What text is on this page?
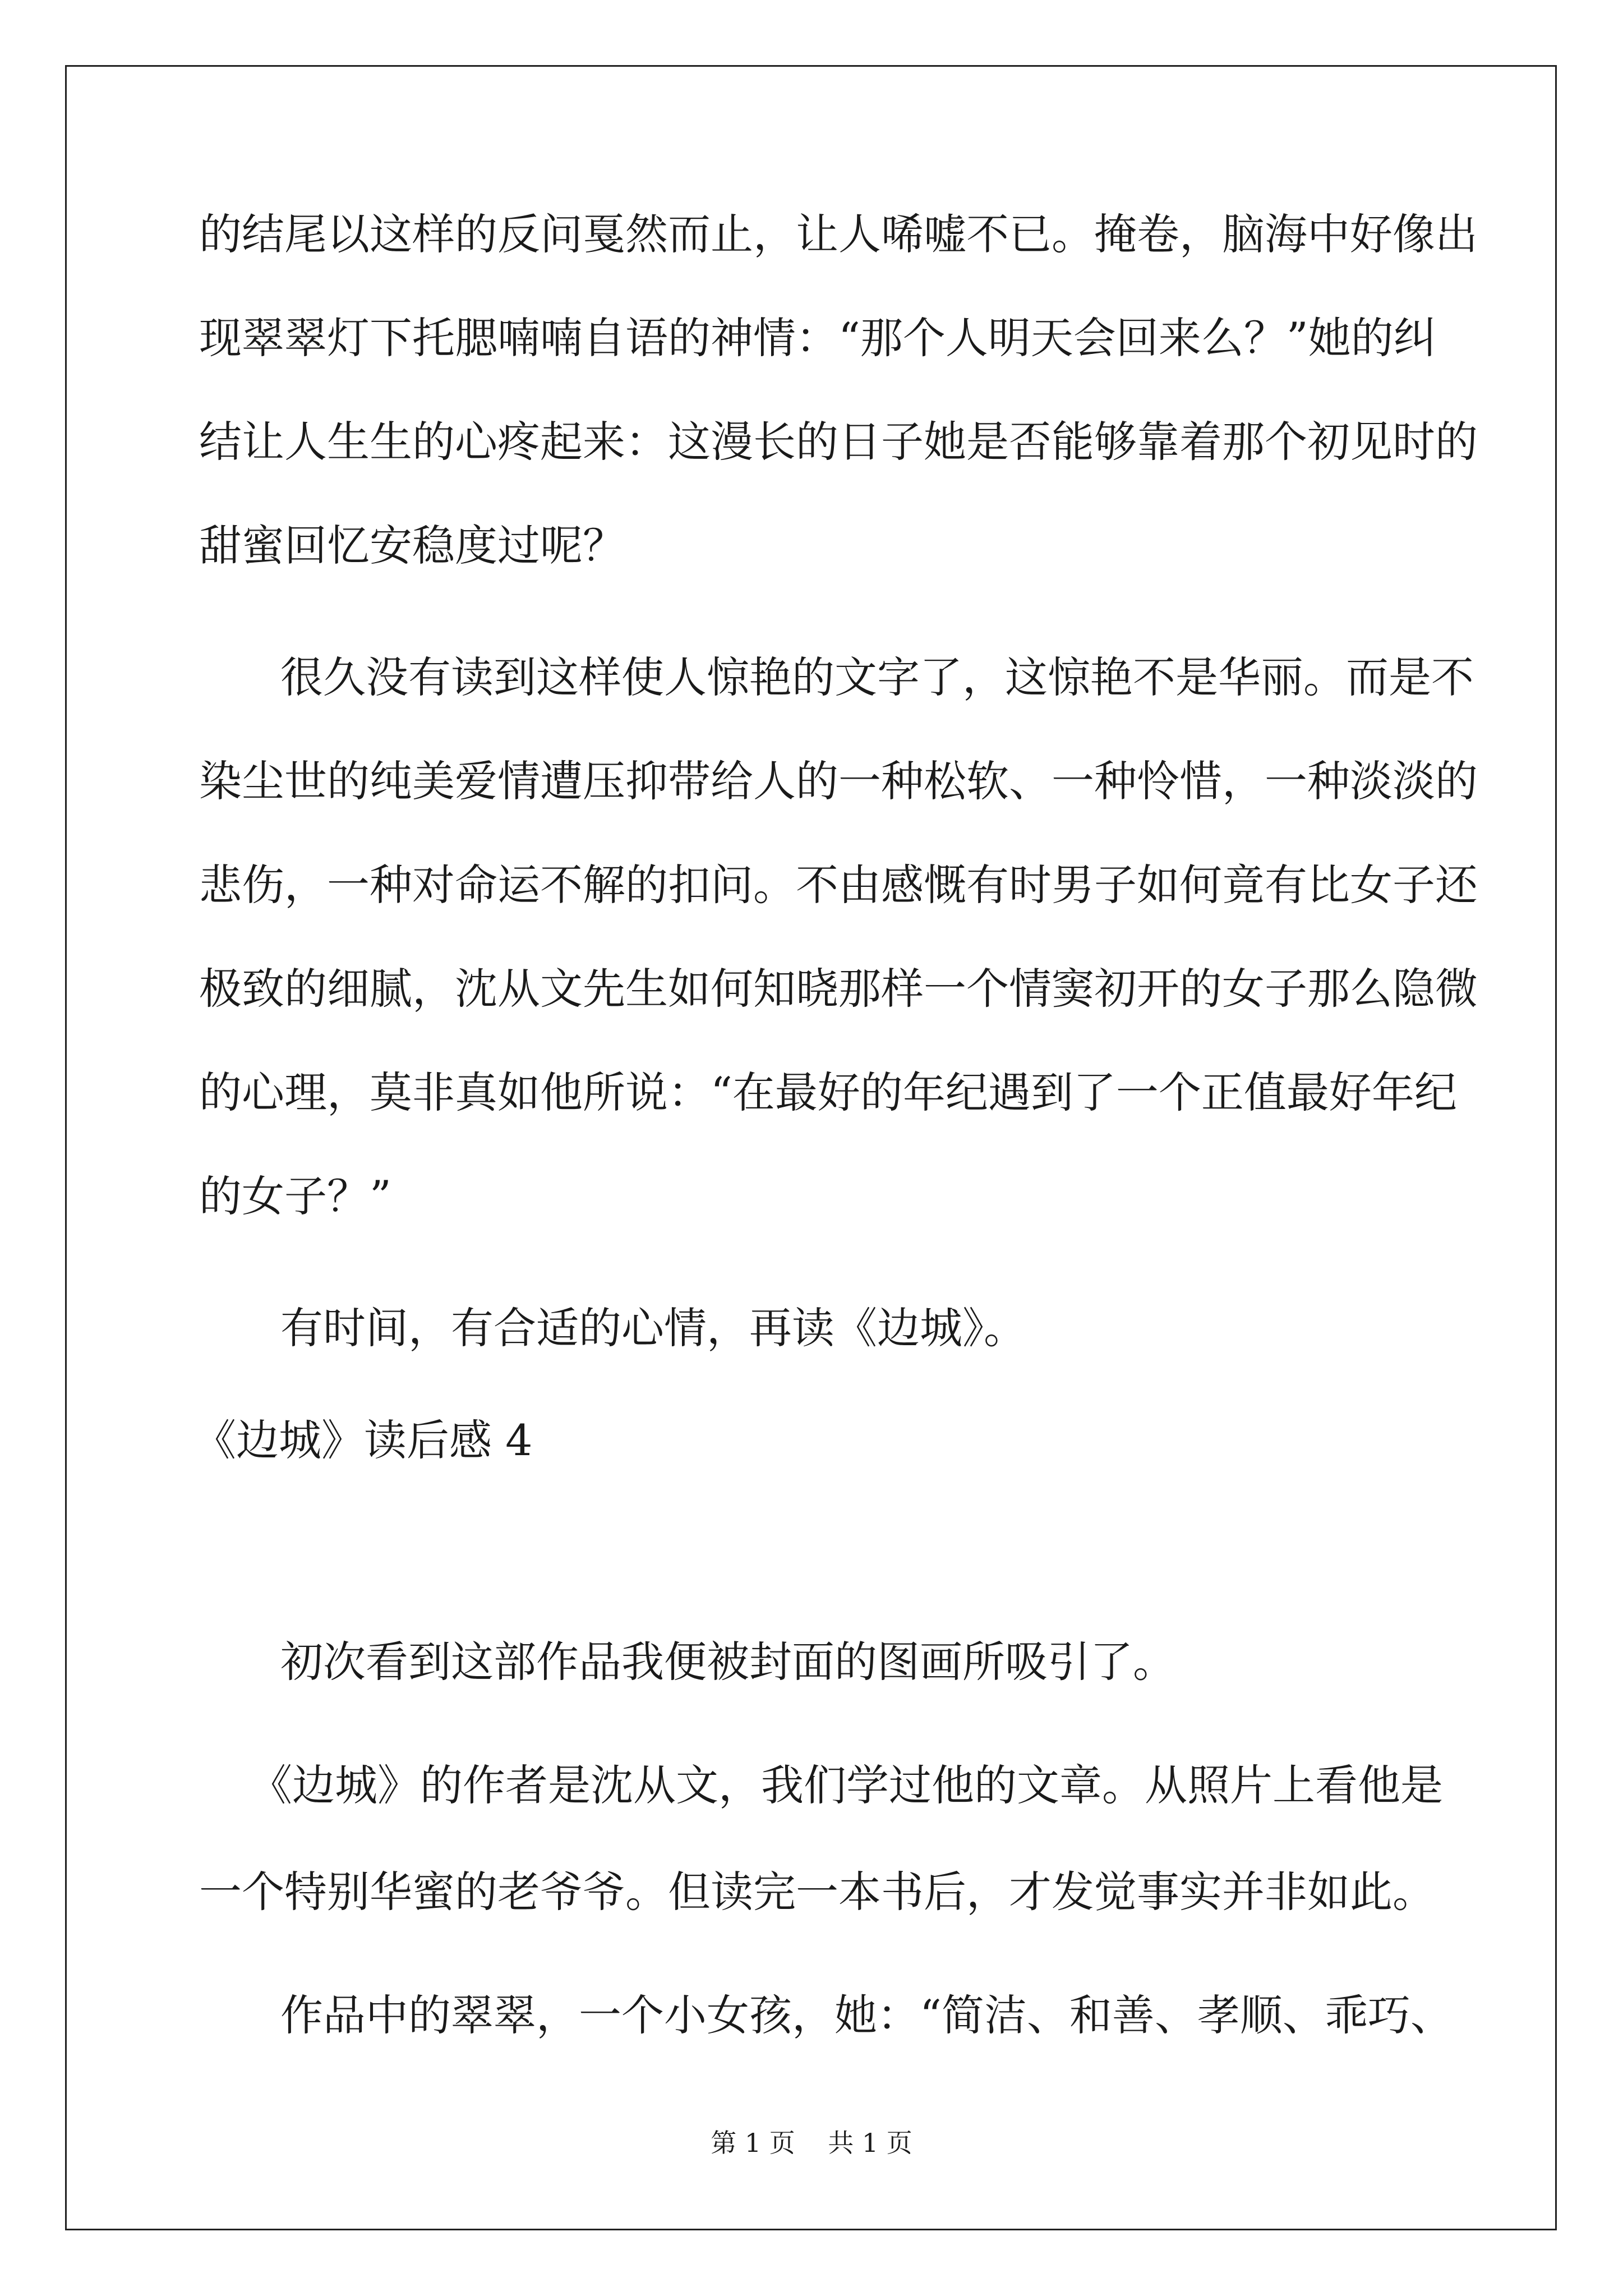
的结尾以这样的反问戛然而止，让人唏嘘不已。掩卷，脑海中好像出
现翠翠灯下托腮喃喃自语的神情：“那个人明天会回来么？”她的纠
结让人生生的心疼起来：这漫长的日子她是否能够靠着那个初见时的
甜蜜回忆安稳度过呢？
很久没有读到这样使人惊艳的文字了，这惊艳不是华丽。而是不
染尘世的纯美爱情遭压抑带给人的一种松软、一种怜惜，一种淡淡的
悲伤，一种对命运不解的扣问。不由感慨有时男子如何竟有比女子还
极致的细腻，沈从文先生如何知晓那样一个情窦初开的女子那么隐微
的心理，莫非真如他所说：“在最好的年纪遇到了一个正值最好年纪
的女子？”
有时间，有合适的心情，再读《边城》。
《边城》读后感 4
初次看到这部作品我便被封面的图画所吸引了。
《边城》的作者是沈从文，我们学过他的文章。从照片上看他是
一个特别华蜜的老爷爷。但读完一本书后，才发觉事实并非如此。
作品中的翠翠，一个小女孩，她：“简洁、和善、孝顺、乖巧、
第 1 页    共 1 页
